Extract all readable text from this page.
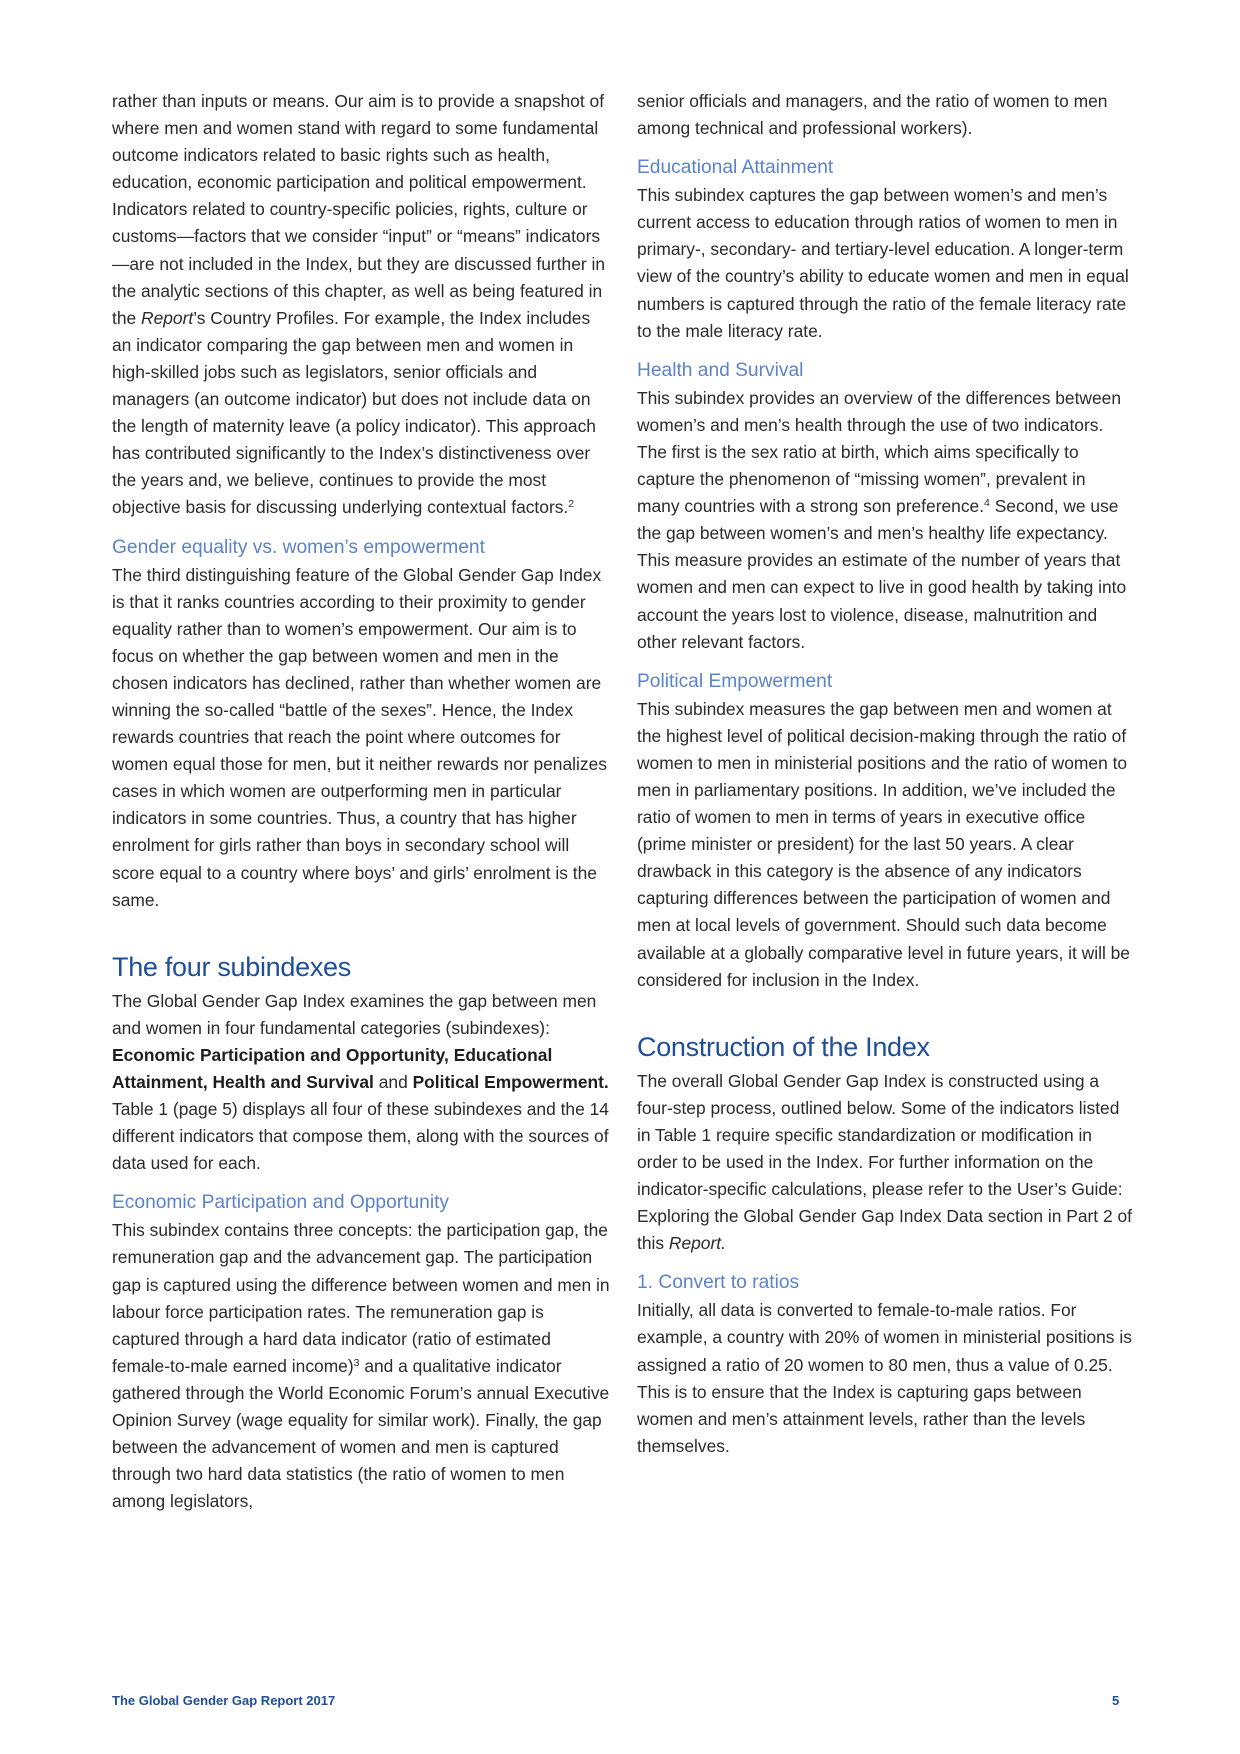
rather than inputs or means. Our aim is to provide a snapshot of where men and women stand with regard to some fundamental outcome indicators related to basic rights such as health, education, economic participation and political empowerment. Indicators related to country-specific policies, rights, culture or customs—factors that we consider “input” or “means” indicators—are not included in the Index, but they are discussed further in the analytic sections of this chapter, as well as being featured in the Report’s Country Profiles. For example, the Index includes an indicator comparing the gap between men and women in high-skilled jobs such as legislators, senior officials and managers (an outcome indicator) but does not include data on the length of maternity leave (a policy indicator). This approach has contributed significantly to the Index’s distinctiveness over the years and, we believe, continues to provide the most objective basis for discussing underlying contextual factors.$^2$

Gender equality vs. women’s empowerment

The third distinguishing feature of the Global Gender Gap Index is that it ranks countries according to their proximity to gender equality rather than to women’s empowerment. Our aim is to focus on whether the gap between women and men in the chosen indicators has declined, rather than whether women are winning the so-called “battle of the sexes”. Hence, the Index rewards countries that reach the point where outcomes for women equal those for men, but it neither rewards nor penalizes cases in which women are outperforming men in particular indicators in some countries. Thus, a country that has higher enrolment for girls rather than boys in secondary school will score equal to a country where boys’ and girls’ enrolment is the same.

The four subindexes

The Global Gender Gap Index examines the gap between men and women in four fundamental categories (subindexes): Economic Participation and Opportunity, Educational Attainment, Health and Survival and Political Empowerment. Table 1 (page 5) displays all four of these subindexes and the 14 different indicators that compose them, along with the sources of data used for each.

Economic Participation and Opportunity

This subindex contains three concepts: the participation gap, the remuneration gap and the advancement gap. The participation gap is captured using the difference between women and men in labour force participation rates. The remuneration gap is captured through a hard data indicator (ratio of estimated female-to-male earned income)$^3$ and a qualitative indicator gathered through the World Economic Forum’s annual Executive Opinion Survey (wage equality for similar work). Finally, the gap between the advancement of women and men is captured through two hard data statistics (the ratio of women to men among legislators,

senior officials and managers, and the ratio of women to men among technical and professional workers).

Educational Attainment

This subindex captures the gap between women’s and men’s current access to education through ratios of women to men in primary-, secondary- and tertiary-level education. A longer-term view of the country’s ability to educate women and men in equal numbers is captured through the ratio of the female literacy rate to the male literacy rate.

Health and Survival

This subindex provides an overview of the differences between women’s and men’s health through the use of two indicators. The first is the sex ratio at birth, which aims specifically to capture the phenomenon of “missing women”, prevalent in many countries with a strong son preference.$^4$ Second, we use the gap between women’s and men’s healthy life expectancy. This measure provides an estimate of the number of years that women and men can expect to live in good health by taking into account the years lost to violence, disease, malnutrition and other relevant factors.

Political Empowerment

This subindex measures the gap between men and women at the highest level of political decision-making through the ratio of women to men in ministerial positions and the ratio of women to men in parliamentary positions. In addition, we’ve included the ratio of women to men in terms of years in executive office (prime minister or president) for the last 50 years. A clear drawback in this category is the absence of any indicators capturing differences between the participation of women and men at local levels of government. Should such data become available at a globally comparative level in future years, it will be considered for inclusion in the Index.

Construction of the Index

The overall Global Gender Gap Index is constructed using a four-step process, outlined below. Some of the indicators listed in Table 1 require specific standardization or modification in order to be used in the Index. For further information on the indicator-specific calculations, please refer to the User’s Guide: Exploring the Global Gender Gap Index Data section in Part 2 of this Report.

1. Convert to ratios

Initially, all data is converted to female-to-male ratios. For example, a country with 20% of women in ministerial positions is assigned a ratio of 20 women to 80 men, thus a value of 0.25. This is to ensure that the Index is capturing gaps between women and men’s attainment levels, rather than the levels themselves.

The Global Gender Gap Report 2017	5
